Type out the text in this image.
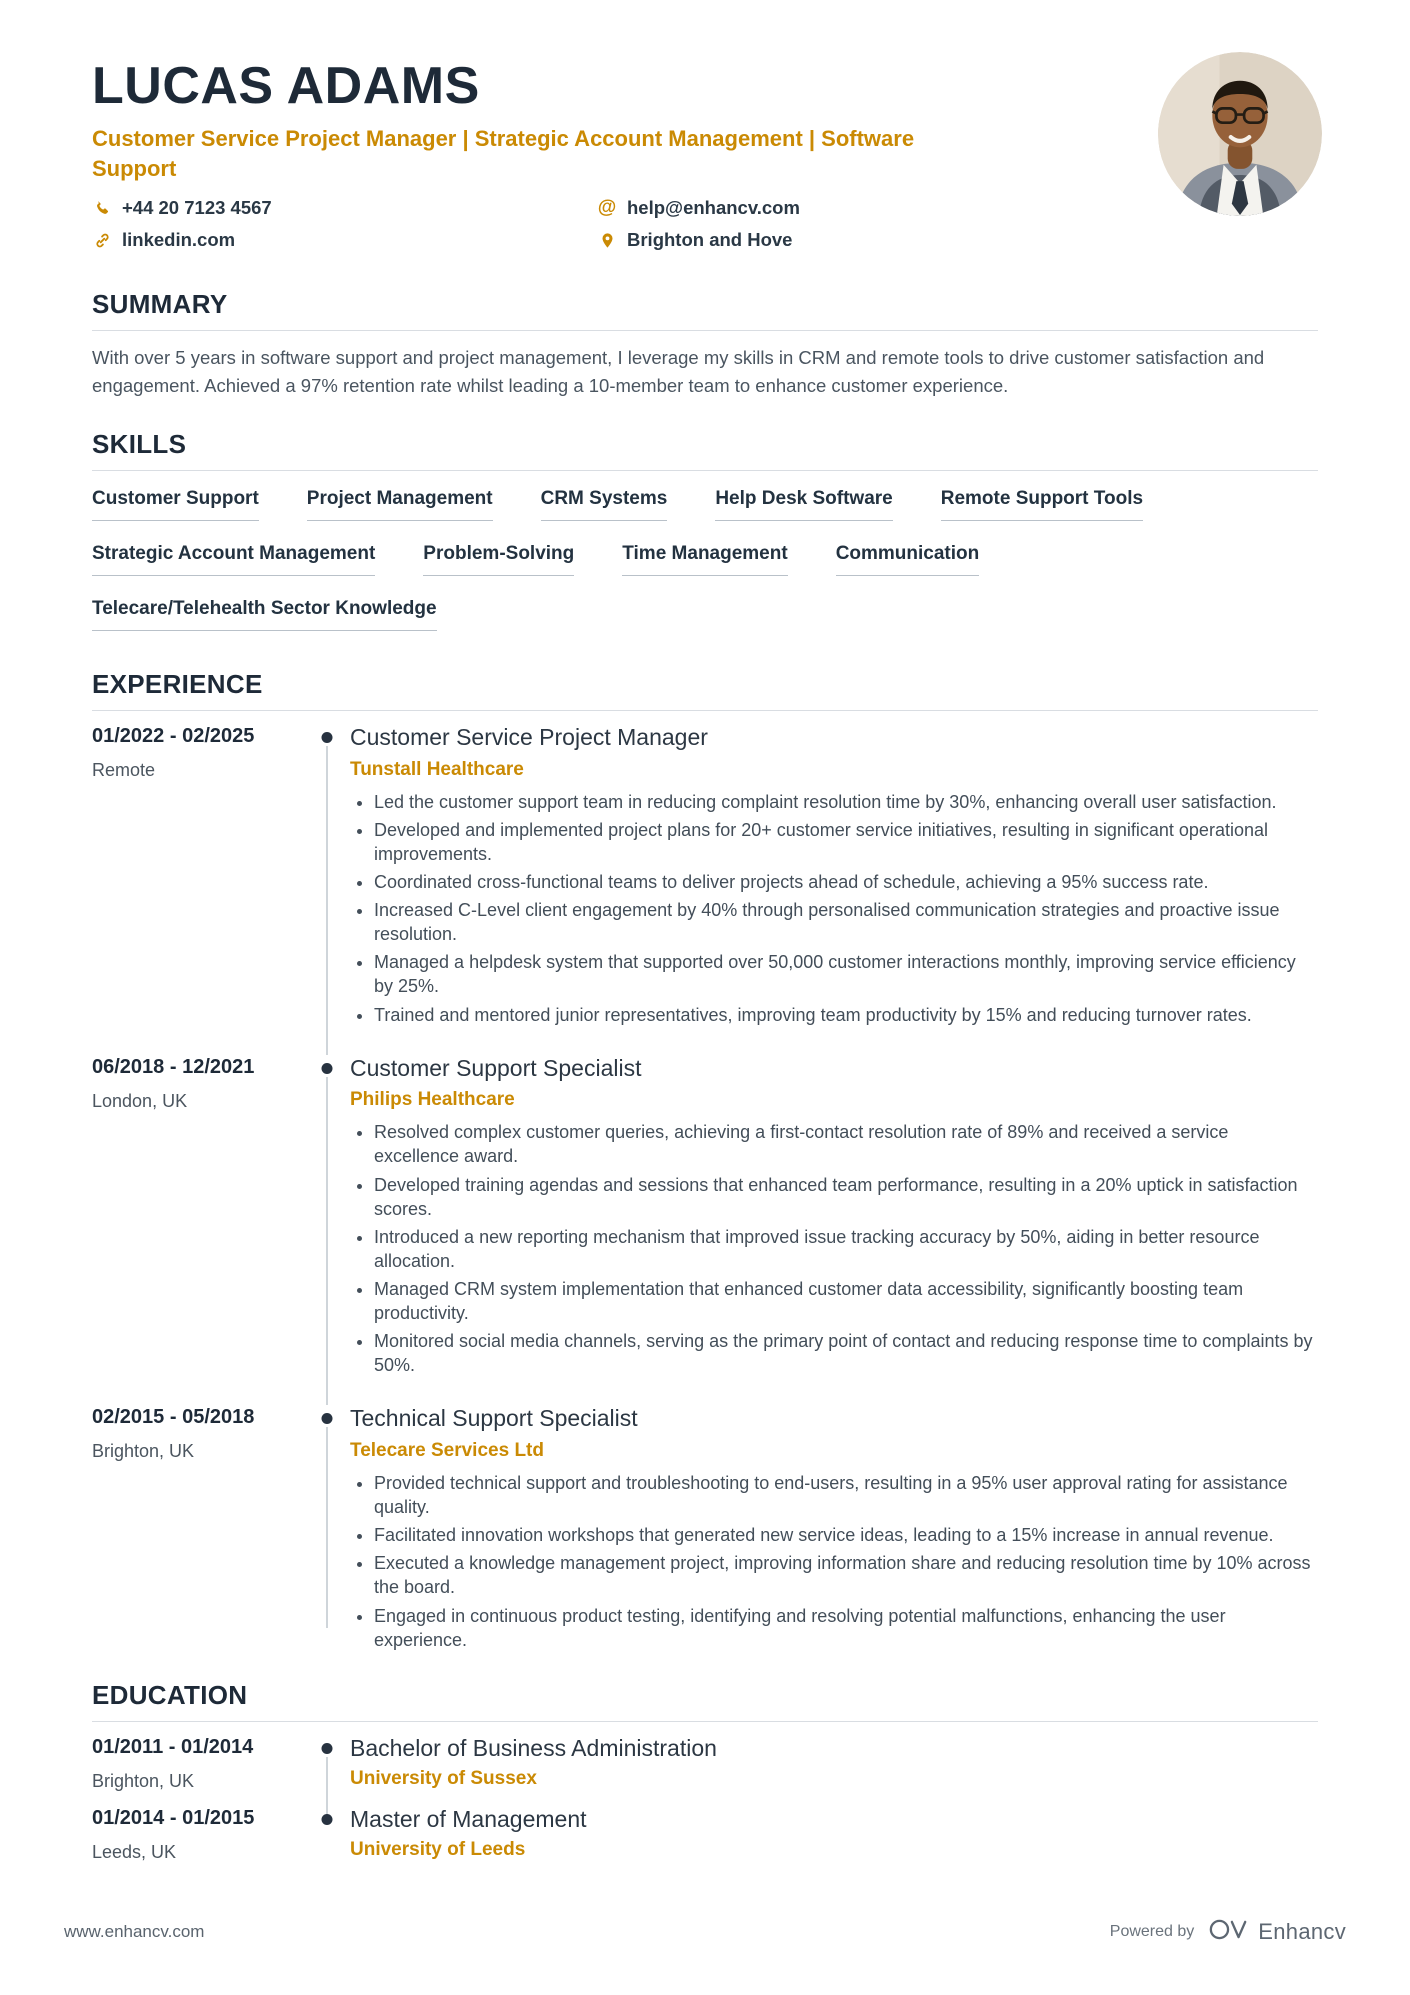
LUCAS ADAMS
Customer Service Project Manager | Strategic Account Management | Software Support
+44 20 7123 4567	@ help@enhancv.com
linkedin.com	Brighton and Hove
SUMMARY

With over 5 years in software support and project management, I leverage my skills in CRM and remote tools to drive customer satisfaction and engagement. Achieved a 97% retention rate whilst leading a 10-member team to enhance customer experience.

SKILLS
Customer Support	Project Management	CRM Systems	Help Desk Software	Remote Support Tools
Strategic Account Management	Problem-Solving	Time Management	Communication
Telecare/Telehealth Sector Knowledge
EXPERIENCE
01/2022 - 02/2025
Remote
Customer Service Project Manager
Tunstall Healthcare
• Led the customer support team in reducing complaint resolution time by 30%, enhancing overall user satisfaction.
• Developed and implemented project plans for 20+ customer service initiatives, resulting in significant operational improvements.
• Coordinated cross-functional teams to deliver projects ahead of schedule, achieving a 95% success rate.
• Increased C-Level client engagement by 40% through personalised communication strategies and proactive issue resolution.
• Managed a helpdesk system that supported over 50,000 customer interactions monthly, improving service efficiency by 25%.
• Trained and mentored junior representatives, improving team productivity by 15% and reducing turnover rates.
06/2018 - 12/2021
London, UK
Customer Support Specialist
Philips Healthcare
• Resolved complex customer queries, achieving a first-contact resolution rate of 89% and received a service excellence award.
• Developed training agendas and sessions that enhanced team performance, resulting in a 20% uptick in satisfaction scores.
• Introduced a new reporting mechanism that improved issue tracking accuracy by 50%, aiding in better resource allocation.
• Managed CRM system implementation that enhanced customer data accessibility, significantly boosting team productivity.
• Monitored social media channels, serving as the primary point of contact and reducing response time to complaints by 50%.
02/2015 - 05/2018
Brighton, UK
Technical Support Specialist
Telecare Services Ltd
• Provided technical support and troubleshooting to end-users, resulting in a 95% user approval rating for assistance quality.
• Facilitated innovation workshops that generated new service ideas, leading to a 15% increase in annual revenue.
• Executed a knowledge management project, improving information share and reducing resolution time by 10% across the board.
• Engaged in continuous product testing, identifying and resolving potential malfunctions, enhancing the user experience.
EDUCATION
01/2011 - 01/2014
Brighton, UK
Bachelor of Business Administration
University of Sussex
01/2014 - 01/2015
Leeds, UK
Master of Management
University of Leeds
www.enhancv.com	Powered by	Enhancv
